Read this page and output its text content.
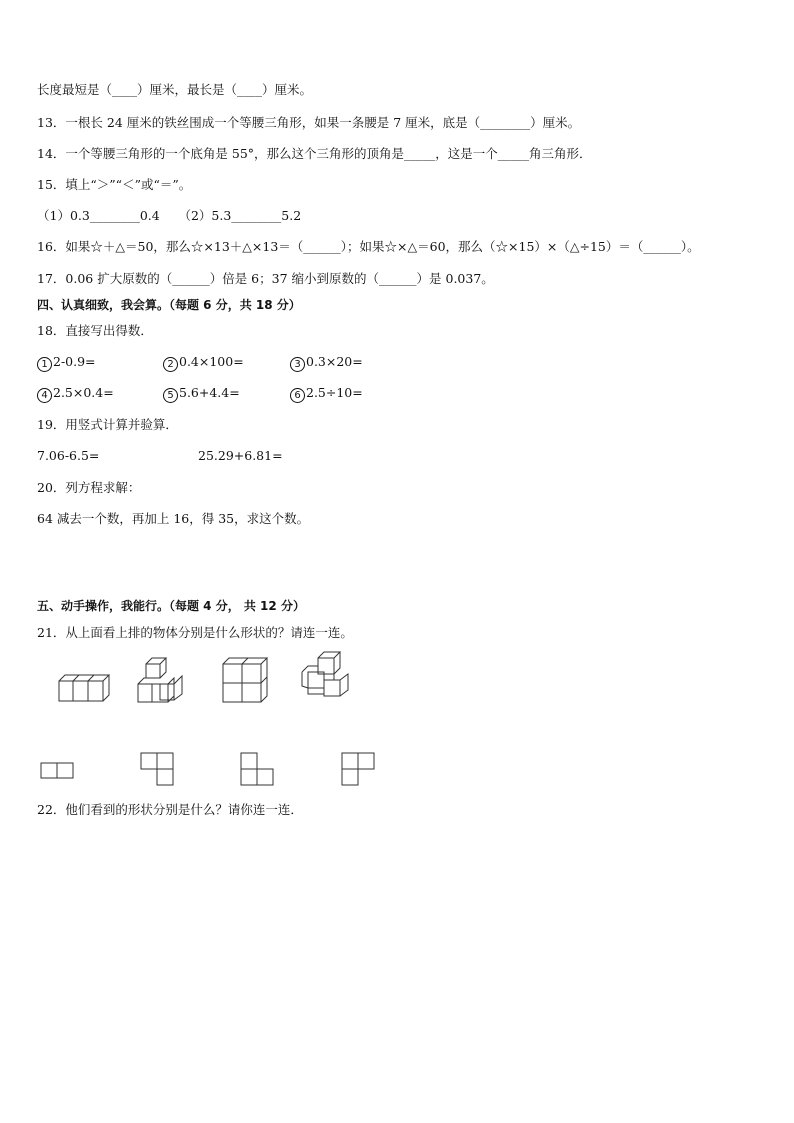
长度最短是（____）厘米，最长是（____）厘米。
13．一根长 24 厘米的铁丝围成一个等腰三角形，如果一条腰是 7 厘米，底是（________）厘米。
14．一个等腰三角形的一个底角是 55°，那么这个三角形的顶角是_____，这是一个_____角三角形．
15．填上“＞”“＜”或“＝”。
（1）0.3________0.4　　（2）5.3________5.2
16．如果☆＋△＝50，那么☆×13＋△×13＝（______）；如果☆×△＝60，那么（☆×15）×（△÷15）＝（______）。
17．0.06 扩大原数的（______）倍是 6；37 缩小到原数的（______）是 0.037。
四、认真细致，我会算。（每题 6 分，共 18 分）
18．直接写出得数．
1 2-0.9=	2 0.4×100=	3 0.3×20=
4 2.5×0.4=	5 5.6+4.4=	6 2.5÷10=
19．用竖式计算并验算．
7.06-6.5=	25.29+6.81=
20．列方程求解：
64 减去一个数，再加上 16，得 35，求这个数。
五、动手操作，我能行。（每题 4 分， 共 12 分）
21．从上面看上排的物体分别是什么形状的？请连一连。
22．他们看到的形状分别是什么？请你连一连．
